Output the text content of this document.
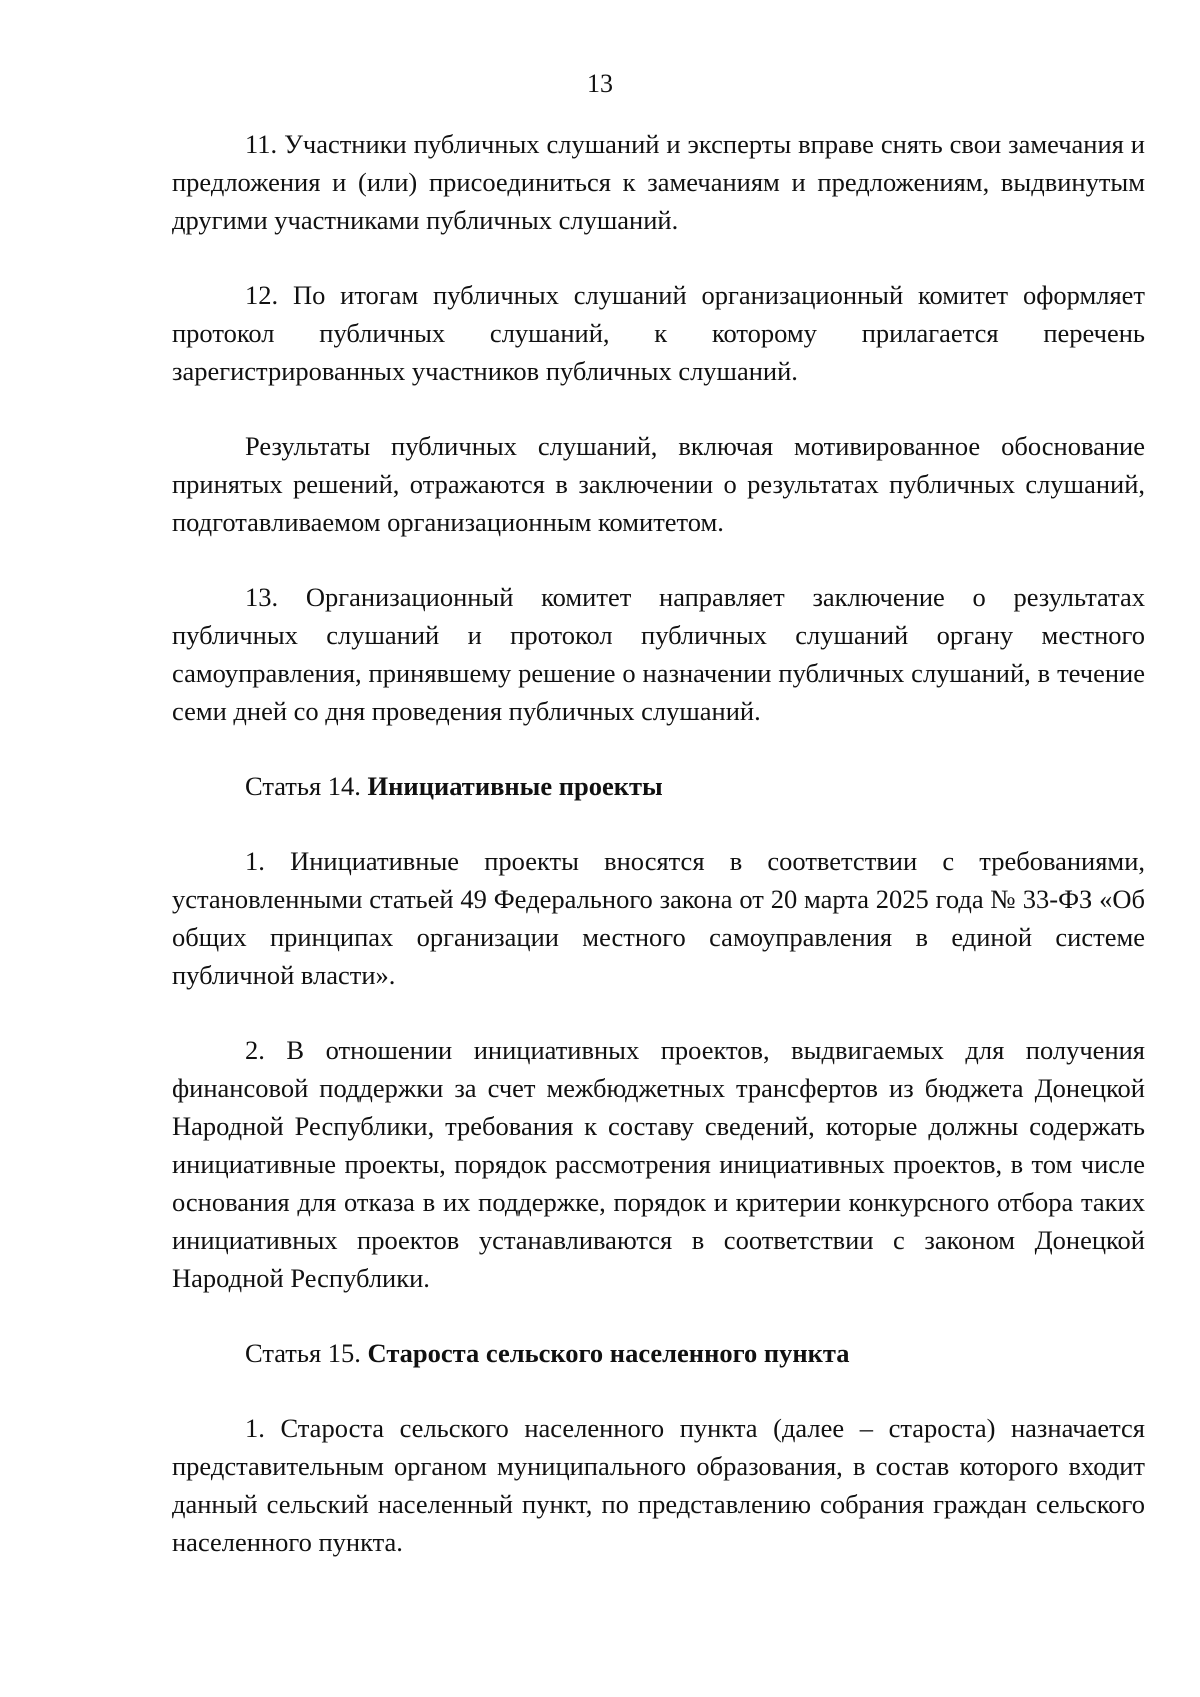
13

11. Участники публичных слушаний и эксперты вправе снять свои замечания и предложения и (или) присоединиться к замечаниям и предложениям, выдвинутым другими участниками публичных слушаний.

12. По итогам публичных слушаний организационный комитет оформляет протокол публичных слушаний, к которому прилагается перечень зарегистрированных участников публичных слушаний.

Результаты публичных слушаний, включая мотивированное обоснование принятых решений, отражаются в заключении о результатах публичных слушаний, подготавливаемом организационным комитетом.

13. Организационный комитет направляет заключение о результатах публичных слушаний и протокол публичных слушаний органу местного самоуправления, принявшему решение о назначении публичных слушаний, в течение семи дней со дня проведения публичных слушаний.

Статья 14. Инициативные проекты

1. Инициативные проекты вносятся в соответствии с требованиями, установленными статьей 49 Федерального закона от 20 марта 2025 года № 33-ФЗ «Об общих принципах организации местного самоуправления в единой системе публичной власти».

2. В отношении инициативных проектов, выдвигаемых для получения финансовой поддержки за счет межбюджетных трансфертов из бюджета Донецкой Народной Республики, требования к составу сведений, которые должны содержать инициативные проекты, порядок рассмотрения инициативных проектов, в том числе основания для отказа в их поддержке, порядок и критерии конкурсного отбора таких инициативных проектов устанавливаются в соответствии с законом Донецкой Народной Республики.

Статья 15. Староста сельского населенного пункта

1. Староста сельского населенного пункта (далее – староста) назначается представительным органом муниципального образования, в состав которого входит данный сельский населенный пункт, по представлению собрания граждан сельского населенного пункта.
